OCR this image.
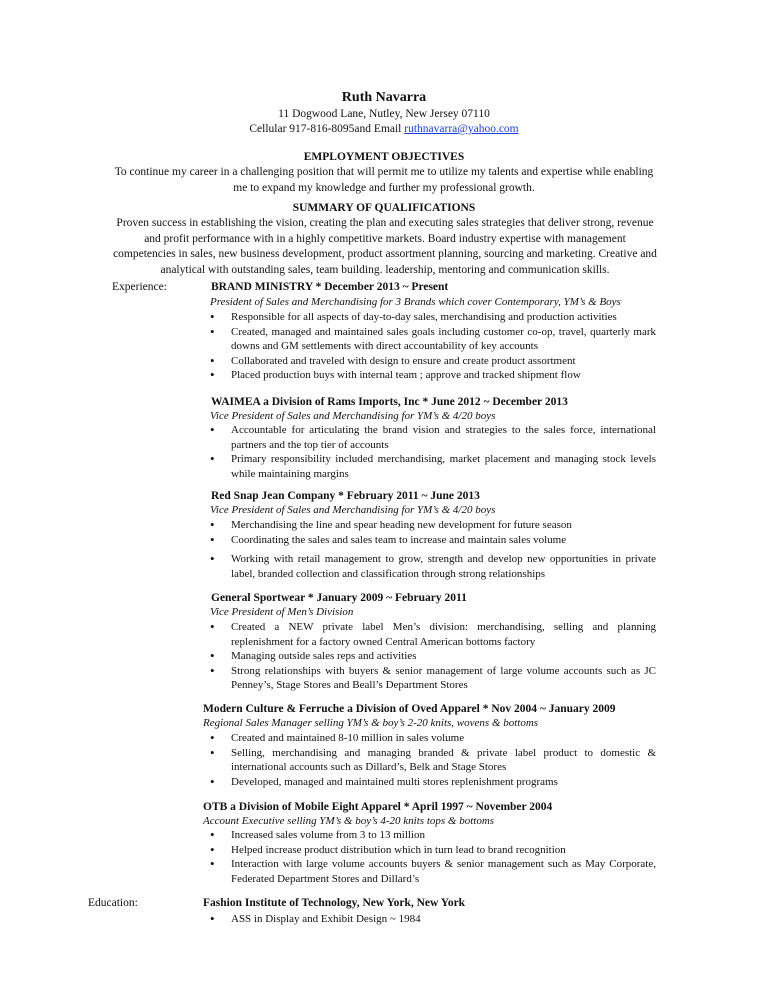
Ruth Navarra
11 Dogwood Lane, Nutley, New Jersey 07110
Cellular 917-816-8095and Email ruthnavarra@yahoo.com
EMPLOYMENT OBJECTIVES
To continue my career in a challenging position that will permit me to utilize my talents and expertise while enabling me to expand my knowledge and further my professional growth.
SUMMARY OF QUALIFICATIONS
Proven success in establishing the vision, creating the plan and executing sales strategies that deliver strong, revenue and profit performance with in a highly competitive markets. Board industry expertise with management competencies in sales, new business development, product assortment planning, sourcing and marketing. Creative and analytical with outstanding sales, team building. leadership, mentoring and communication skills.
Experience:	BRAND MINISTRY * December 2013 ~ Present
President of Sales and Merchandising for 3 Brands which cover Contemporary, YM’s & Boys
• Responsible for all aspects of day-to-day sales, merchandising and production activities
• Created, managed and maintained sales goals including customer co-op, travel, quarterly mark downs and GM settlements with direct accountability of key accounts
• Collaborated and traveled with design to ensure and create product assortment
• Placed production buys with internal team ; approve and tracked shipment flow
WAIMEA a Division of Rams Imports, Inc * June 2012 ~ December 2013
Vice President of Sales and Merchandising for YM’s & 4/20 boys
• Accountable for articulating the brand vision and strategies to the sales force, international partners and the top tier of accounts
• Primary responsibility included merchandising, market placement and managing stock levels while maintaining margins
Red Snap Jean Company * February 2011 ~ June 2013
Vice President of Sales and Merchandising for YM’s & 4/20 boys
• Merchandising the line and spear heading new development for future season
• Coordinating the sales and sales team to increase and maintain sales volume
• Working with retail management to grow, strength and develop new opportunities in private label, branded collection and classification through strong relationships
General Sportwear * January 2009 ~ February 2011
Vice President of Men’s Division
• Created a NEW private label Men’s division: merchandising, selling and planning replenishment for a factory owned Central American bottoms factory
• Managing outside sales reps and activities
• Strong relationships with buyers & senior management of large volume accounts such as JC Penney’s, Stage Stores and Beall’s Department Stores
Modern Culture & Ferruche a Division of Oved Apparel * Nov 2004 ~ January 2009
Regional Sales Manager selling YM’s & boy’s 2-20 knits, wovens & bottoms
• Created and maintained 8-10 million in sales volume
• Selling, merchandising and managing branded & private label product to domestic & international accounts such as Dillard’s, Belk and Stage Stores
• Developed, managed and maintained multi stores replenishment programs
OTB a Division of Mobile Eight Apparel * April 1997 ~ November 2004
Account Executive selling YM’s & boy’s 4-20 knits tops & bottoms
• Increased sales volume from 3 to 13 million
• Helped increase product distribution which in turn lead to brand recognition
• Interaction with large volume accounts buyers & senior management such as May Corporate, Federated Department Stores and Dillard’s
Education:	Fashion Institute of Technology, New York, New York
• ASS in Display and Exhibit Design ~ 1984
